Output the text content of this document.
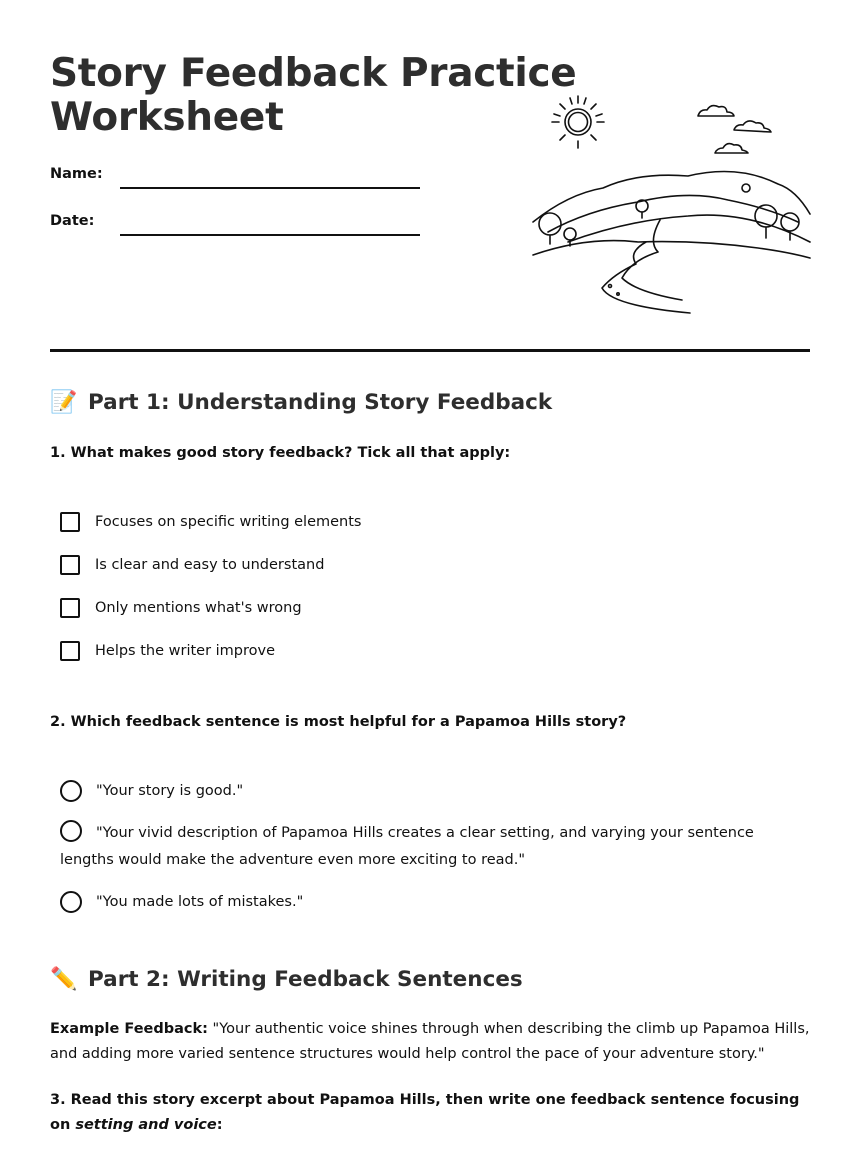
Story Feedback Practice
Worksheet
Name:
Date:
📝 Part 1: Understanding Story Feedback

1. What makes good story feedback? Tick all that apply:

Focuses on specific writing elements
Is clear and easy to understand
Only mentions what's wrong
Helps the writer improve

2. Which feedback sentence is most helpful for a Papamoa Hills story?

"Your story is good."
"Your vivid description of Papamoa Hills creates a clear setting, and varying your sentence lengths would make the adventure even more exciting to read."
"You made lots of mistakes."
✏️ Part 2: Writing Feedback Sentences

Example Feedback: "Your authentic voice shines through when describing the climb up Papamoa Hills, and adding more varied sentence structures would help control the pace of your adventure story."

3. Read this story excerpt about Papamoa Hills, then write one feedback sentence focusing on setting and voice:
